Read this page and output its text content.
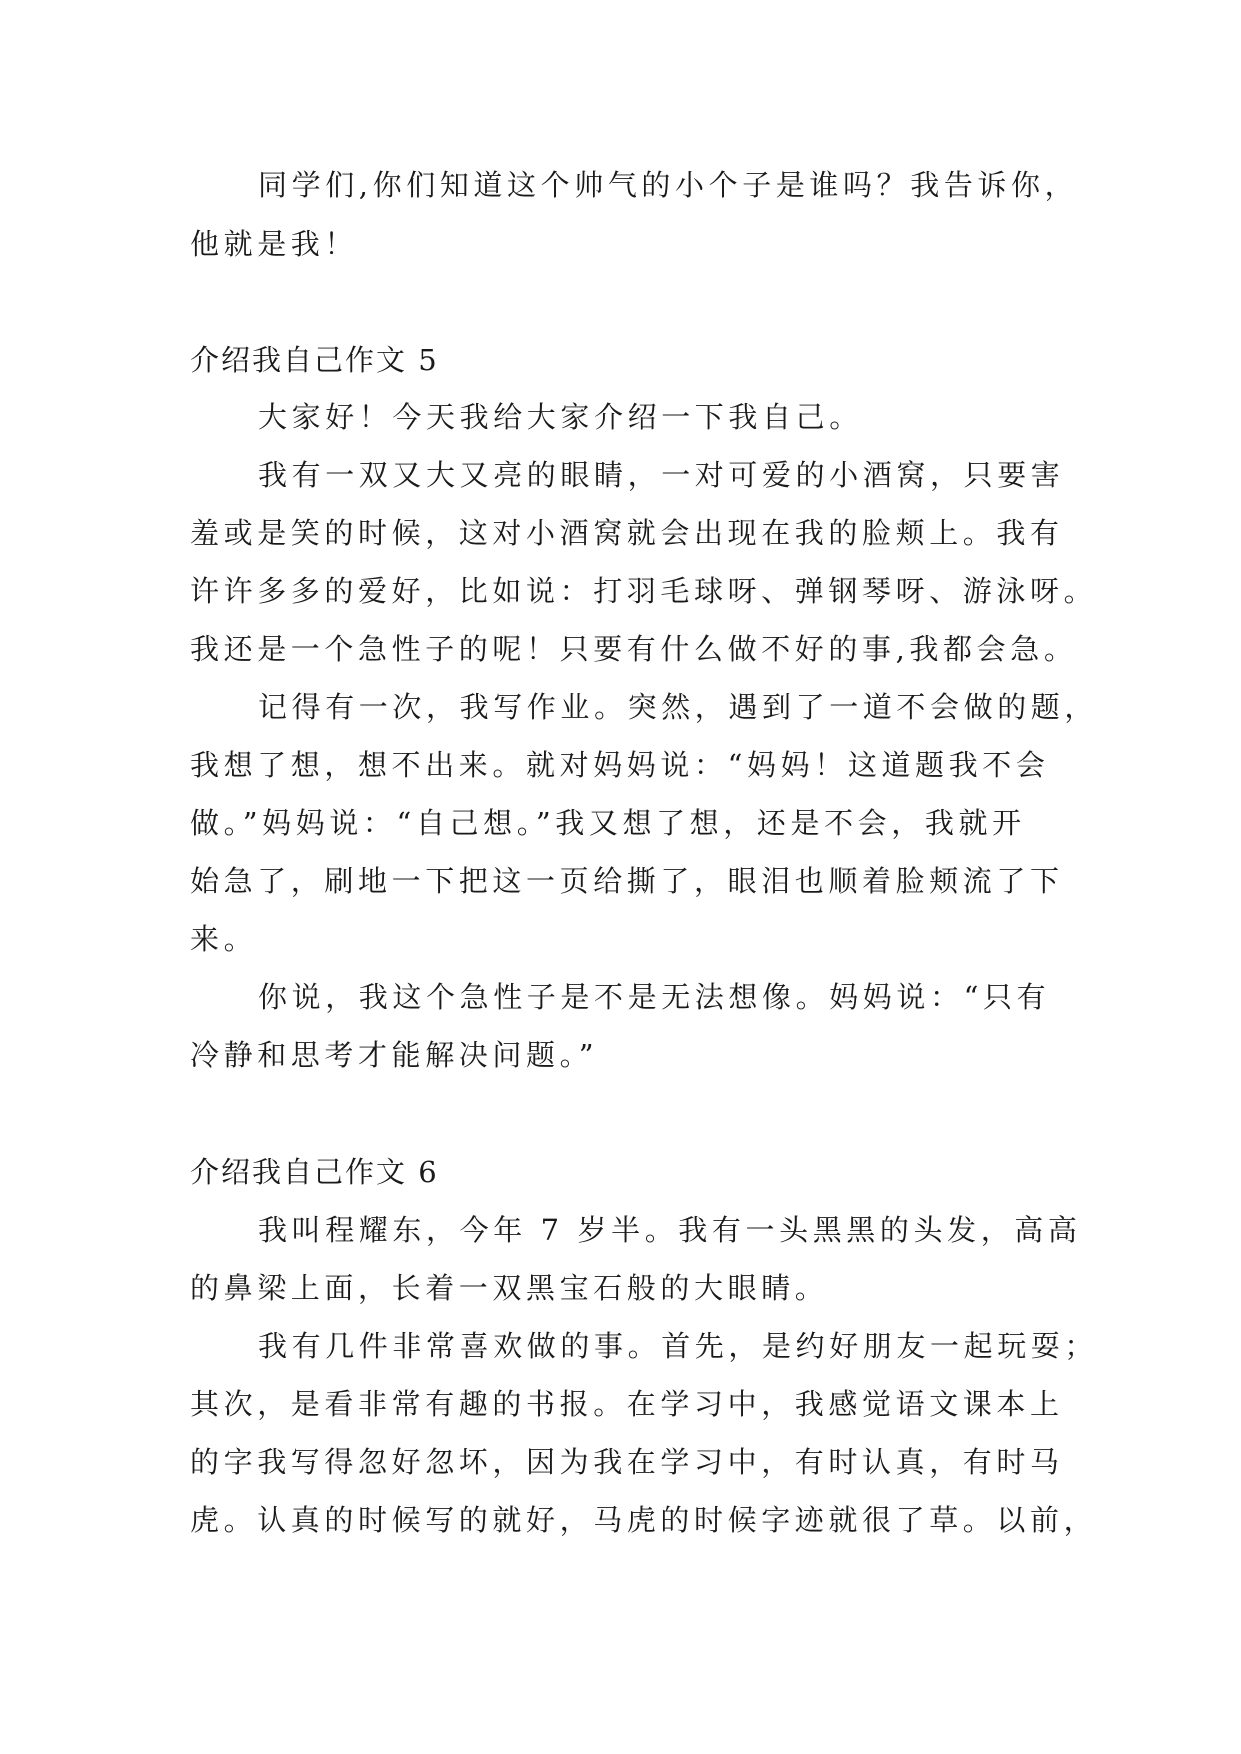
同学们,你们知道这个帅气的小个子是谁吗？我告诉你，
他就是我！
介绍我自己作文 5
大家好！今天我给大家介绍一下我自己。
我有一双又大又亮的眼睛，一对可爱的小酒窝，只要害
羞或是笑的时候，这对小酒窝就会出现在我的脸颊上。我有
许许多多的爱好，比如说：打羽毛球呀、弹钢琴呀、游泳呀。
我还是一个急性子的呢！只要有什么做不好的事,我都会急。
记得有一次，我写作业。突然，遇到了一道不会做的题，
我想了想，想不出来。就对妈妈说：“妈妈！这道题我不会
做。”妈妈说：“自己想。”我又想了想，还是不会，我就开
始急了，刷地一下把这一页给撕了，眼泪也顺着脸颊流了下
来。
你说，我这个急性子是不是无法想像。妈妈说：“只有
冷静和思考才能解决问题。”
介绍我自己作文 6
我叫程耀东，今年 7 岁半。我有一头黑黑的头发，高高
的鼻梁上面，长着一双黑宝石般的大眼睛。
我有几件非常喜欢做的事。首先，是约好朋友一起玩耍；
其次，是看非常有趣的书报。在学习中，我感觉语文课本上
的字我写得忽好忽坏，因为我在学习中，有时认真，有时马
虎。认真的时候写的就好，马虎的时候字迹就很了草。以前，
